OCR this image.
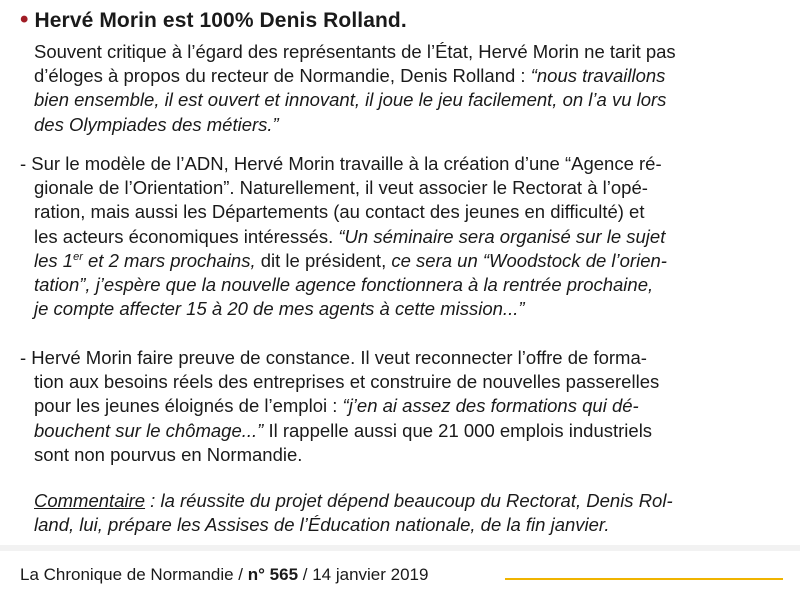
• Hervé Morin est 100% Denis Rolland.
Souvent critique à l’égard des représentants de l’État, Hervé Morin ne tarit pas
d’éloges à propos du recteur de Normandie, Denis Rolland : “nous travaillons
bien ensemble, il est ouvert et innovant, il joue le jeu facilement, on l’a vu lors
des Olympiades des métiers.”
- Sur le modèle de l’ADN, Hervé Morin travaille à la création d’une “Agence ré-
gionale de l’Orientation”. Naturellement, il veut associer le Rectorat à l’opé-
ration, mais aussi les Départements (au contact des jeunes en difficulté) et
les acteurs économiques intéressés. “Un séminaire sera organisé sur le sujet
les 1er et 2 mars prochains, dit le président, ce sera un “Woodstock de l’orien-
tation”, j’espère que la nouvelle agence fonctionnera à la rentrée prochaine,
je compte affecter 15 à 20 de mes agents à cette mission...”
- Hervé Morin faire preuve de constance. Il veut reconnecter l’offre de forma-
tion aux besoins réels des entreprises et construire de nouvelles passerelles
pour les jeunes éloignés de l’emploi : “j’en ai assez des formations qui dé-
bouchent sur le chômage...” Il rappelle aussi que 21 000 emplois industriels
sont non pourvus en Normandie.
Commentaire : la réussite du projet dépend beaucoup du Rectorat, Denis Rol-
land, lui, prépare les Assises de l’Éducation nationale, de la fin janvier.
La Chronique de Normandie / n° 565 / 14 janvier 2019
